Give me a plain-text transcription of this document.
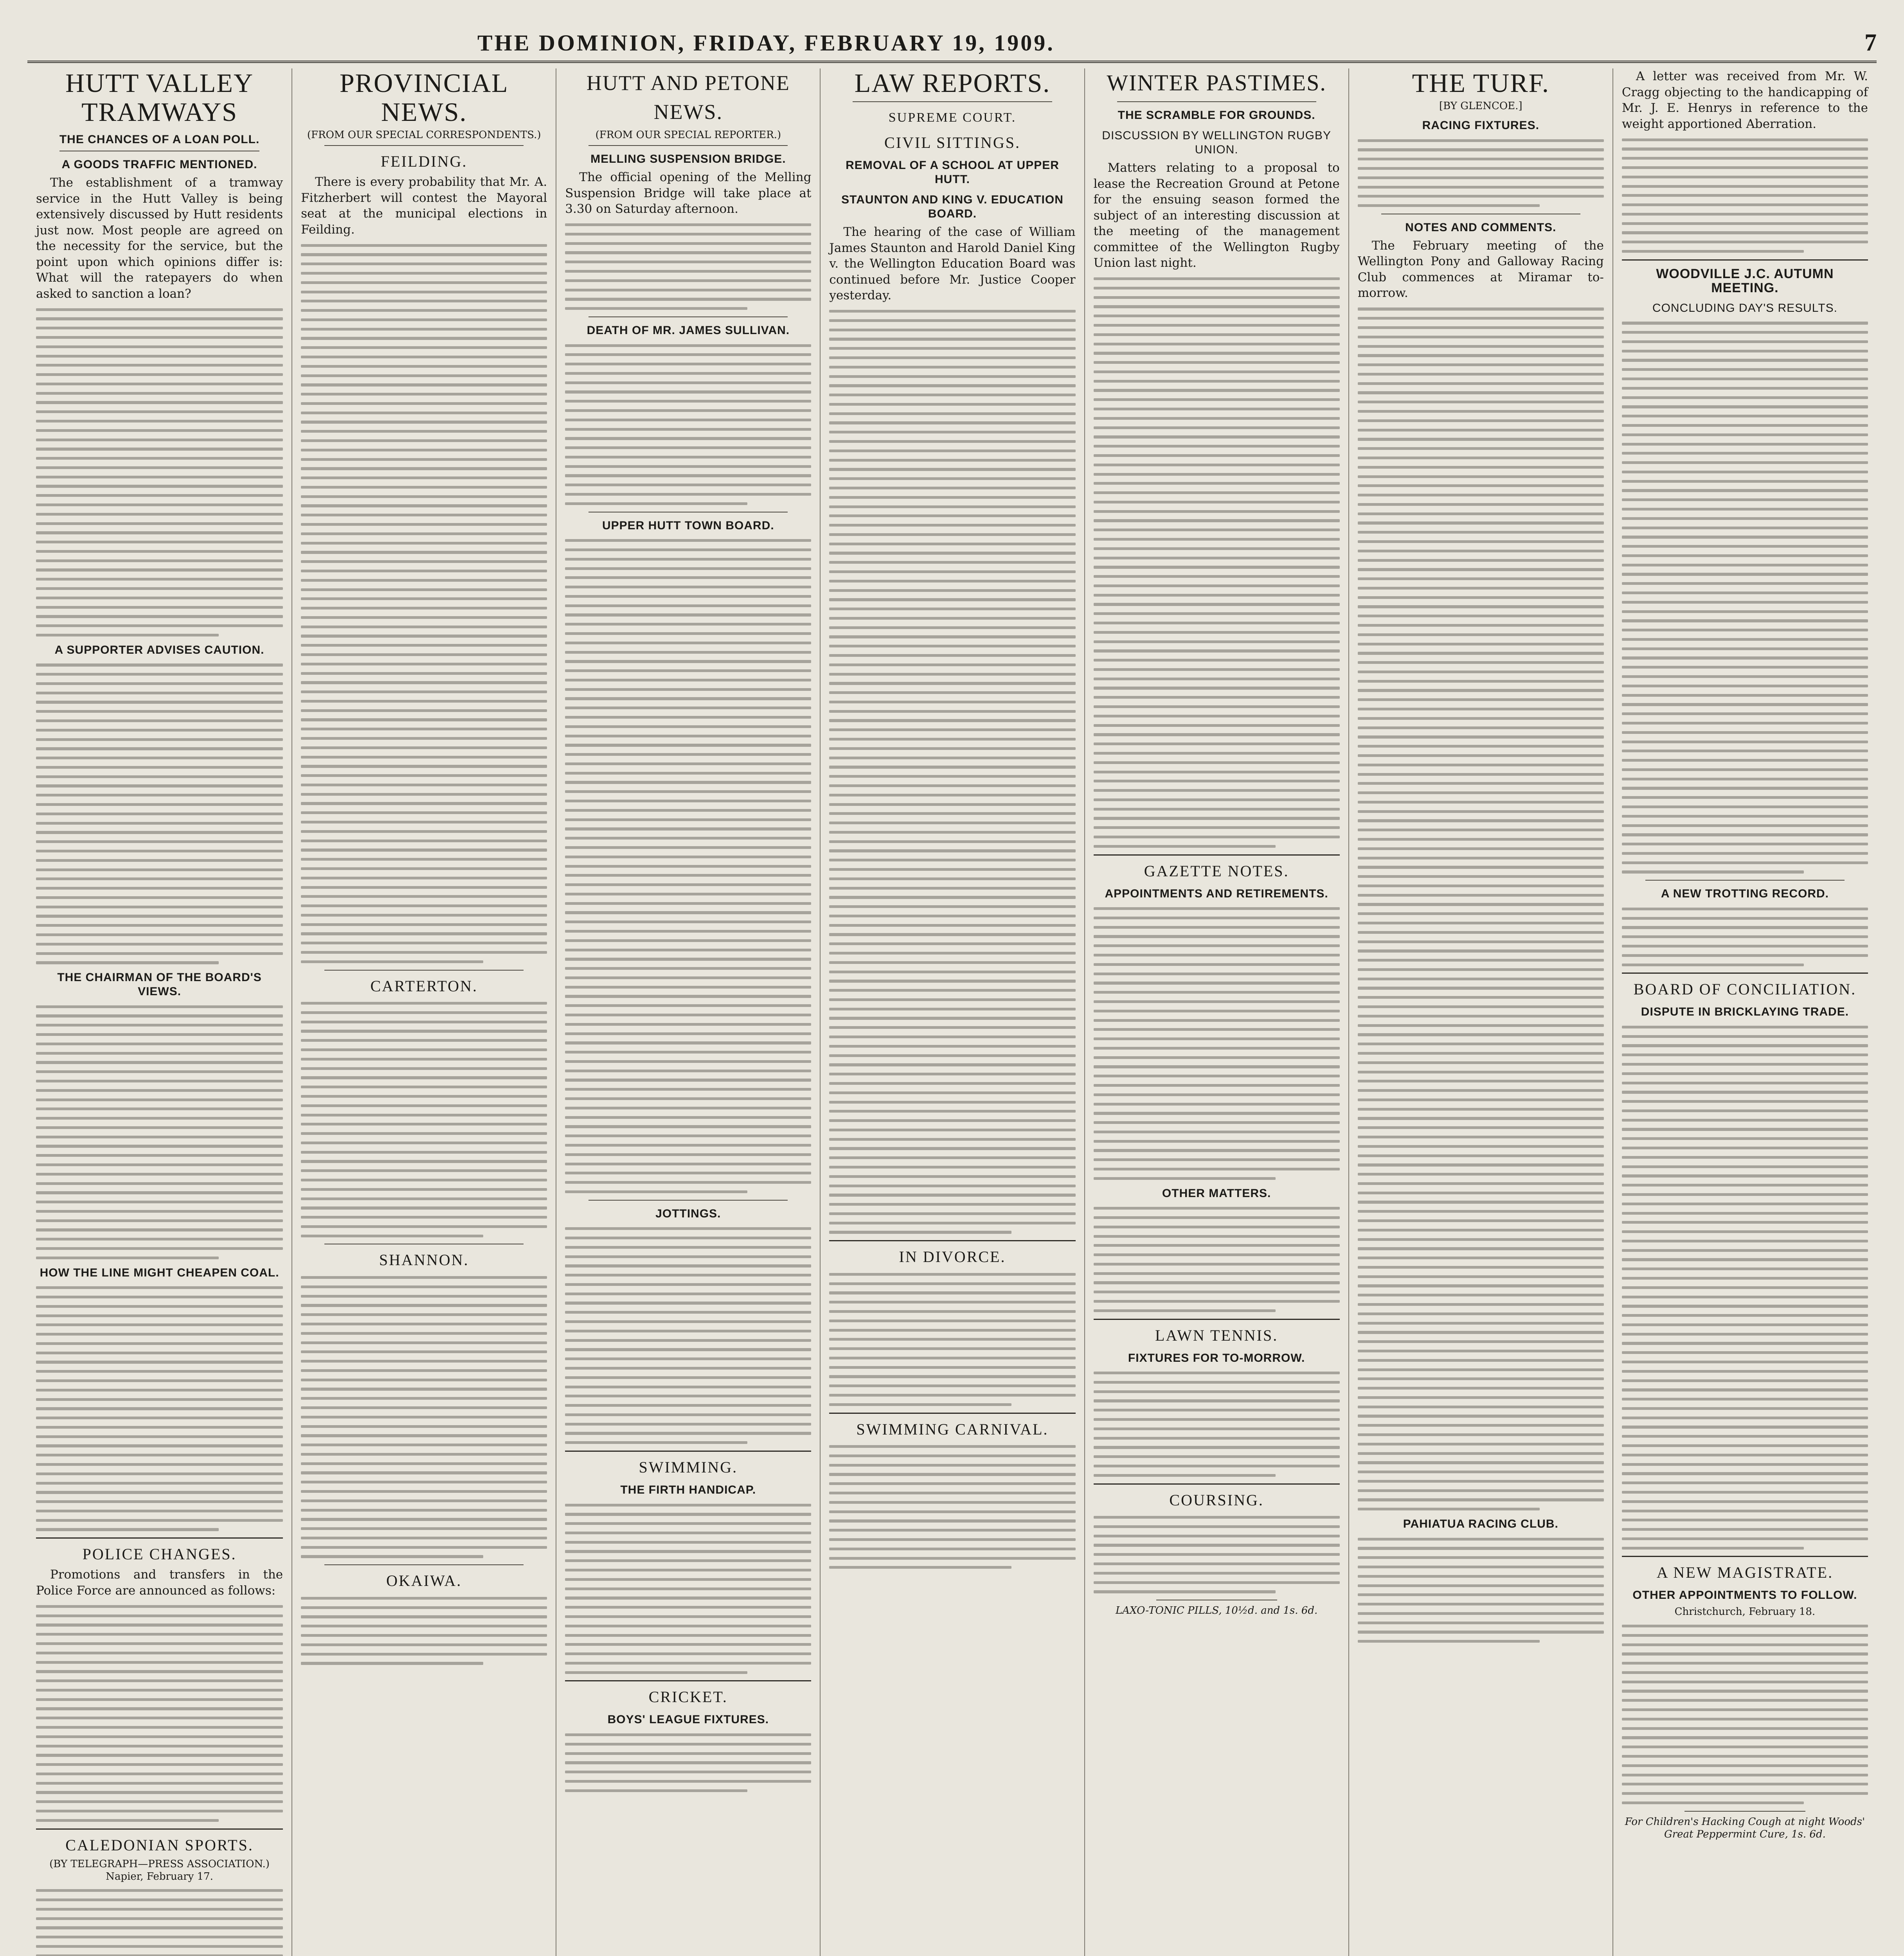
THE DOMINION, FRIDAY, FEBRUARY 19, 1909.	7
HUTT VALLEY TRAMWAYS
THE CHANCES OF A LOAN POLL.
A GOODS TRAFFIC MENTIONED.

The establishment of a tramway service in the Hutt Valley is being extensively discussed by Hutt residents just now. Most people are agreed on the necessity for the service, but the point upon which opinions differ is: What will the ratepayers do when asked to sanction a loan?

A SUPPORTER ADVISES CAUTION.
THE CHAIRMAN OF THE BOARD'S VIEWS.
HOW THE LINE MIGHT CHEAPEN COAL.
POLICE CHANGES.

Promotions and transfers in the Police Force are announced as follows:

CALEDONIAN SPORTS.

(BY TELEGRAPH—PRESS ASSOCIATION.)

Napier, February 17.

PROVINCIAL NEWS.

(FROM OUR SPECIAL CORRESPONDENTS.)

FEILDING.

There is every probability that Mr. A. Fitzherbert will contest the Mayoral seat at the municipal elections in Feilding.

CARTERTON.
SHANNON.
OKAIWA.
HUTT AND PETONE NEWS.

(FROM OUR SPECIAL REPORTER.)

MELLING SUSPENSION BRIDGE.

The official opening of the Melling Suspension Bridge will take place at 3.30 on Saturday afternoon.

DEATH OF MR. JAMES SULLIVAN.
UPPER HUTT TOWN BOARD.
JOTTINGS.
SWIMMING.
THE FIRTH HANDICAP.
CRICKET.
BOYS' LEAGUE FIXTURES.
LAW REPORTS.
SUPREME COURT.
CIVIL SITTINGS.
REMOVAL OF A SCHOOL AT UPPER HUTT.
STAUNTON AND KING V. EDUCATION BOARD.

The hearing of the case of William James Staunton and Harold Daniel King v. the Wellington Education Board was continued before Mr. Justice Cooper yesterday.

IN DIVORCE.
SWIMMING CARNIVAL.
WINTER PASTIMES.
THE SCRAMBLE FOR GROUNDS.
DISCUSSION BY WELLINGTON RUGBY UNION.

Matters relating to a proposal to lease the Recreation Ground at Petone for the ensuing season formed the subject of an interesting discussion at the meeting of the management committee of the Wellington Rugby Union last night.

GAZETTE NOTES.
APPOINTMENTS AND RETIREMENTS.
OTHER MATTERS.
LAWN TENNIS.
FIXTURES FOR TO-MORROW.
COURSING.

LAXO-TONIC PILLS, 10½d. and 1s. 6d.

THE TURF.

[BY GLENCOE.]

RACING FIXTURES.
NOTES AND COMMENTS.

The February meeting of the Wellington Pony and Galloway Racing Club commences at Miramar to-morrow.

PAHIATUA RACING CLUB.

A letter was received from Mr. W. Cragg objecting to the handicapping of Mr. J. E. Henrys in reference to the weight apportioned Aberration.

WOODVILLE J.C. AUTUMN MEETING.
CONCLUDING DAY'S RESULTS.
A NEW TROTTING RECORD.
BOARD OF CONCILIATION.
DISPUTE IN BRICKLAYING TRADE.
A NEW MAGISTRATE.
OTHER APPOINTMENTS TO FOLLOW.

Christchurch, February 18.

For Children's Hacking Cough at night Woods' Great Peppermint Cure, 1s. 6d.
